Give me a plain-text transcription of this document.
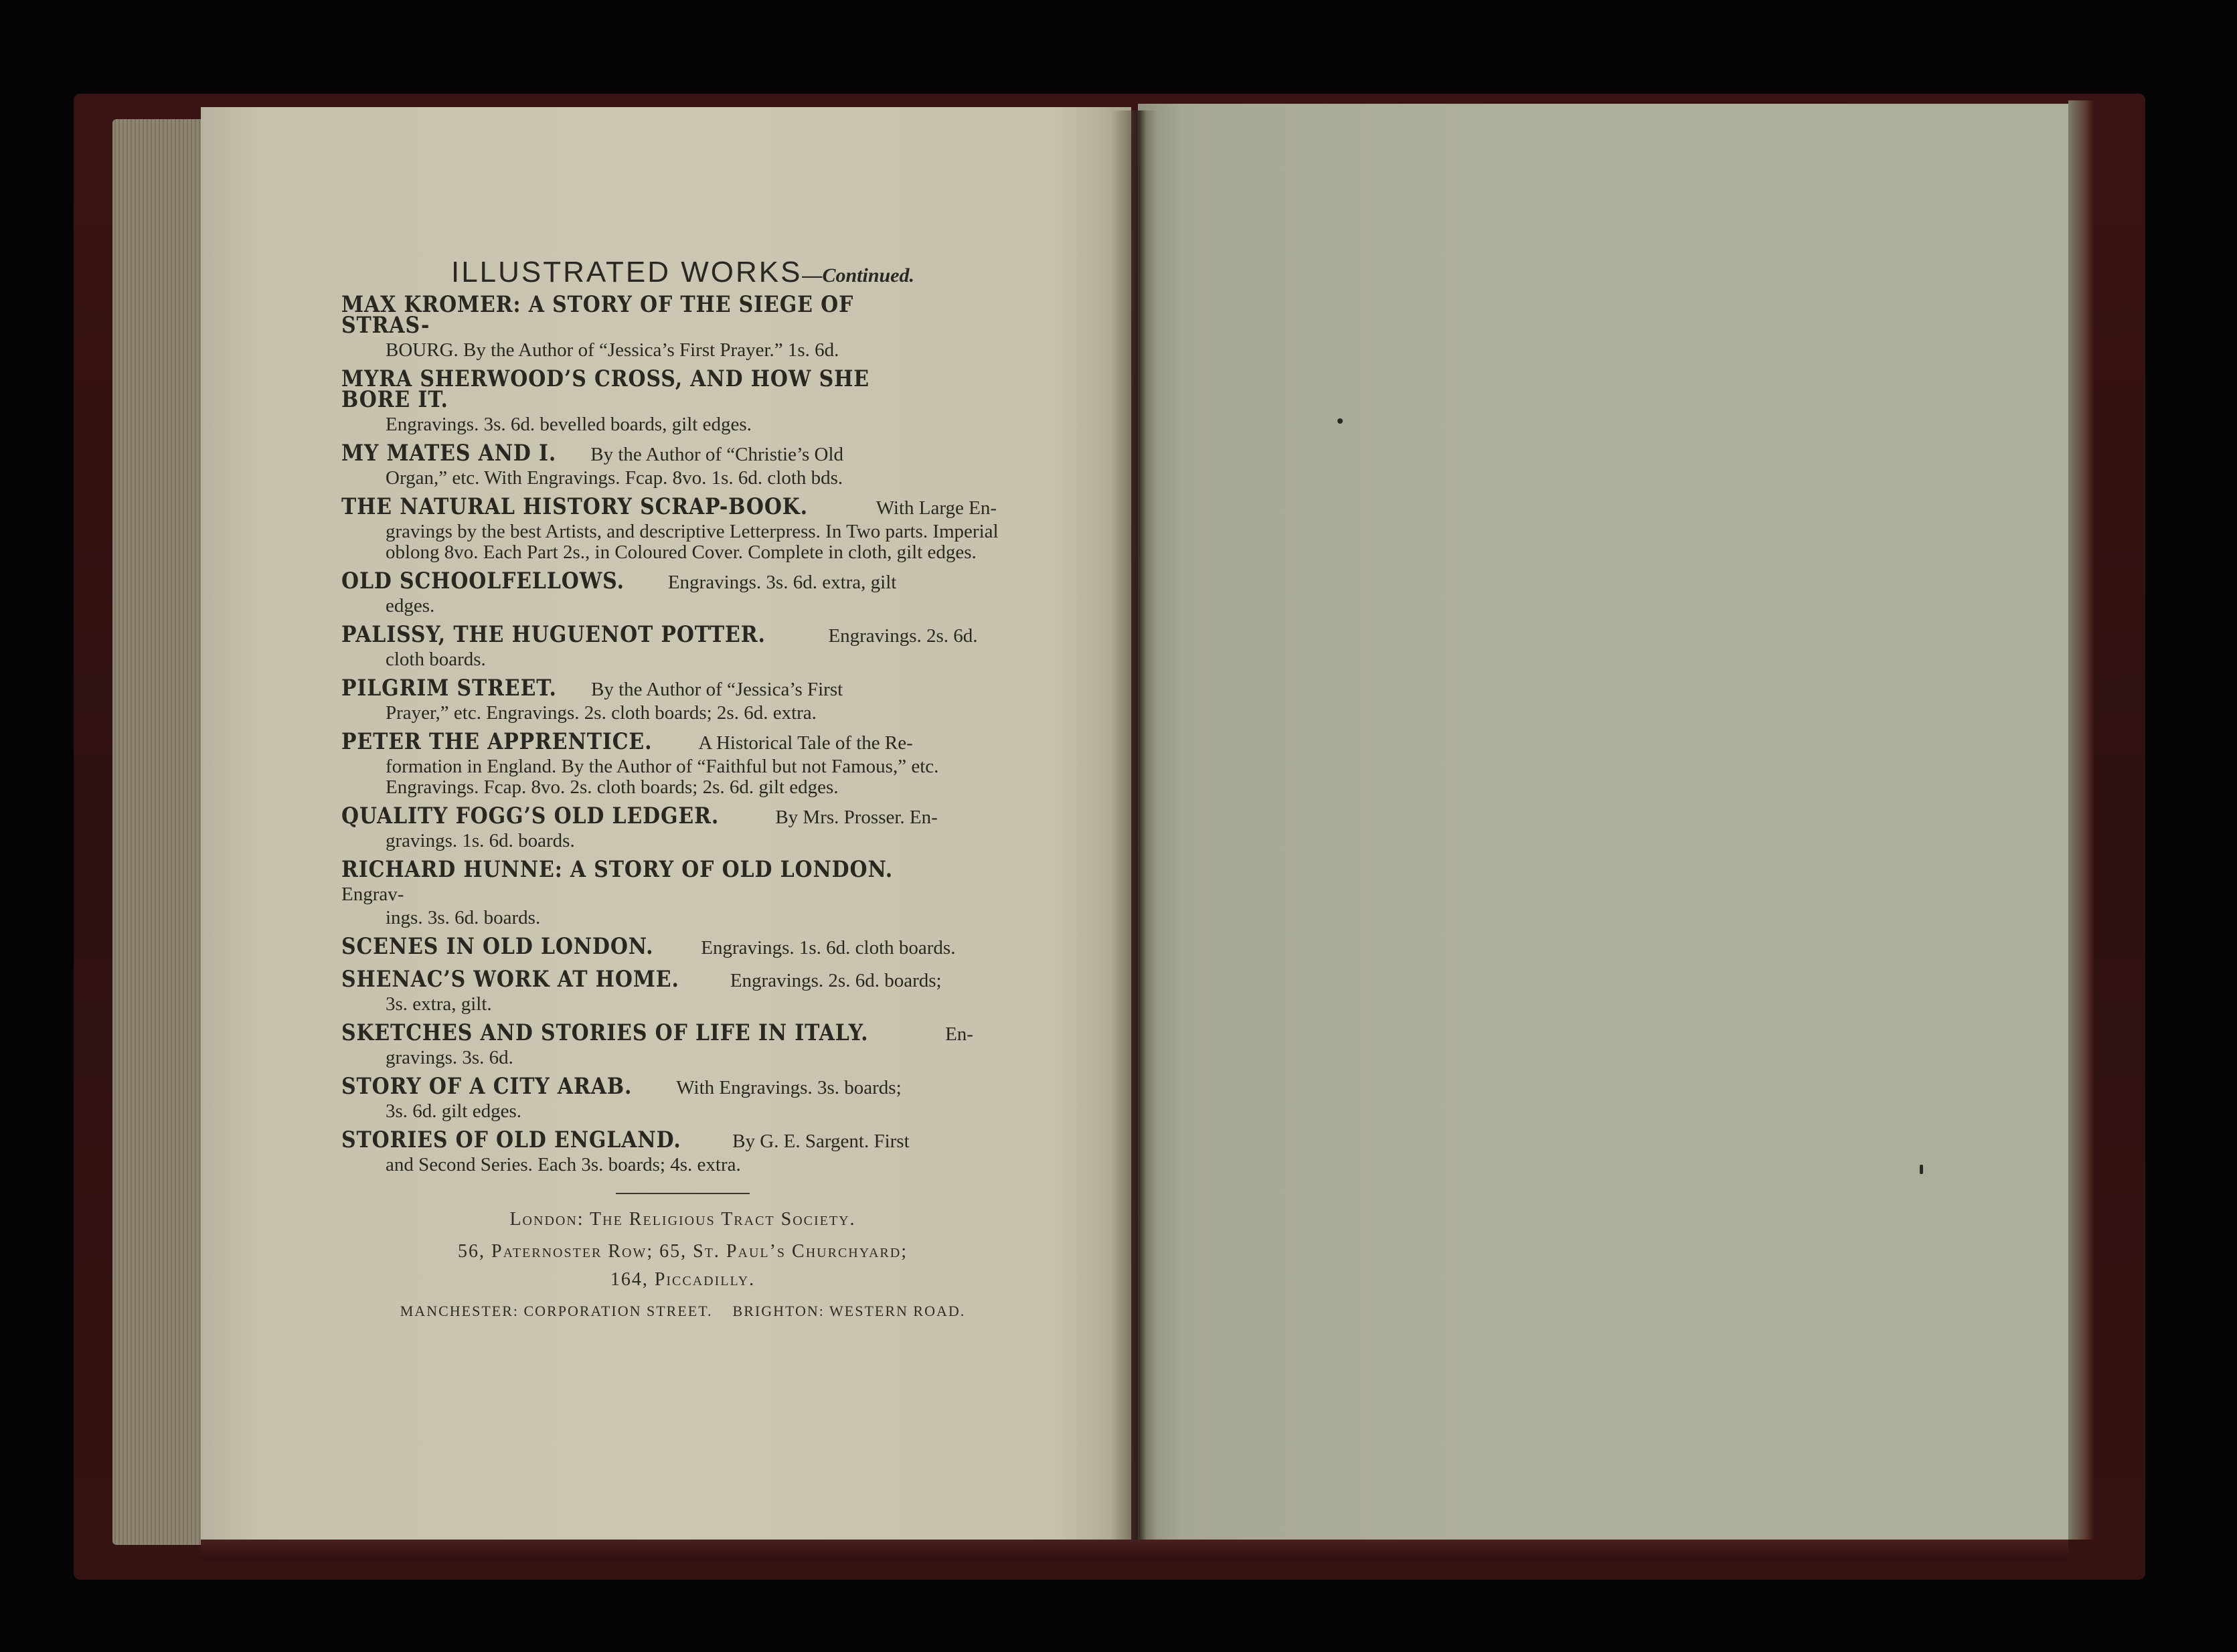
ILLUSTRATED WORKS—Continued.
MAX KROMER: A STORY OF THE SIEGE OF STRAS-
BOURG. By the Author of “Jessica’s First Prayer.” 1s. 6d.
MYRA SHERWOOD’S CROSS, AND HOW SHE BORE IT.
Engravings. 3s. 6d. bevelled boards, gilt edges.
MY MATES AND I. By the Author of “Christie’s Old
Organ,” etc. With Engravings. Fcap. 8vo. 1s. 6d. cloth bds.
THE NATURAL HISTORY SCRAP-BOOK.	With Large En-
gravings by the best Artists, and descriptive Letterpress. In Two parts. Imperial oblong 8vo. Each Part 2s., in Coloured Cover. Complete in cloth, gilt edges.
OLD SCHOOLFELLOWS. Engravings. 3s. 6d. extra, gilt
edges.
PALISSY, THE HUGUENOT POTTER.	Engravings. 2s. 6d.
cloth boards.
PILGRIM STREET. By the Author of “Jessica’s First
Prayer,” etc. Engravings. 2s. cloth boards; 2s. 6d. extra.
PETER THE APPRENTICE. A Historical Tale of the Re-
formation in England. By the Author of “Faithful but not Famous,” etc. Engravings. Fcap. 8vo. 2s. cloth boards; 2s. 6d. gilt edges.
QUALITY FOGG’S OLD LEDGER.	By Mrs. Prosser. En-
gravings. 1s. 6d. boards.
RICHARD HUNNE: A STORY OF OLD LONDON. Engrav-
ings. 3s. 6d. boards.
SCENES IN OLD LONDON. Engravings. 1s. 6d. cloth boards.
SHENAC’S WORK AT HOME. Engravings. 2s. 6d. boards;
3s. extra, gilt.
SKETCHES AND STORIES OF LIFE IN ITALY.	En-
gravings. 3s. 6d.
STORY OF A CITY ARAB. With Engravings. 3s. boards;
3s. 6d. gilt edges.
STORIES OF OLD ENGLAND. By G. E. Sargent. First
and Second Series. Each 3s. boards; 4s. extra.
London: The Religious Tract Society.
56, Paternoster Row; 65, St. Paul’s Churchyard;
164, Piccadilly.
MANCHESTER: CORPORATION STREET.    BRIGHTON: WESTERN ROAD.
